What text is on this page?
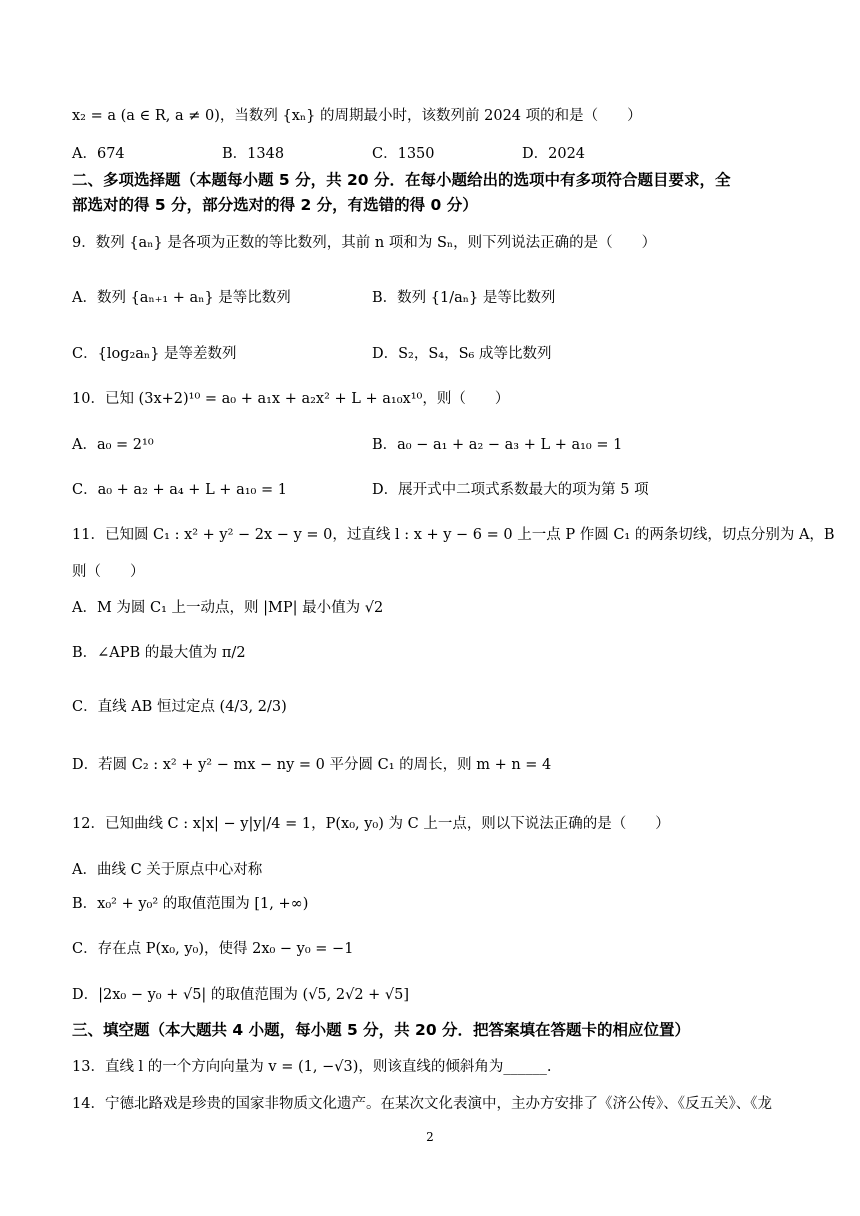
x₂ = a (a ∈ R, a ≠ 0)，当数列 {xₙ} 的周期最小时，该数列前 2024 项的和是（　　）
A．674	B．1348	C．1350	D．2024
二、多项选择题（本题每小题 5 分，共 20 分．在每小题给出的选项中有多项符合题目要求，全
部选对的得 5 分，部分选对的得 2 分，有选错的得 0 分）
9．数列 {aₙ} 是各项为正数的等比数列，其前 n 项和为 Sₙ，则下列说法正确的是（　　）
A．数列 {aₙ₊₁ + aₙ} 是等比数列	B．数列 {1/aₙ} 是等比数列
C．{log₂aₙ} 是等差数列	D．S₂，S₄，S₆ 成等比数列
10．已知 (3x+2)¹⁰ = a₀ + a₁x + a₂x² + L + a₁₀x¹⁰，则（　　）
A．a₀ = 2¹⁰	B．a₀ − a₁ + a₂ − a₃ + L + a₁₀ = 1
C．a₀ + a₂ + a₄ + L + a₁₀ = 1	D．展开式中二项式系数最大的项为第 5 项
11．已知圆 C₁ : x² + y² − 2x − y = 0，过直线 l : x + y − 6 = 0 上一点 P 作圆 C₁ 的两条切线，切点分别为 A，B
则（　　）
A．M 为圆 C₁ 上一动点，则 |MP| 最小值为 √2
B．∠APB 的最大值为 π/2
C．直线 AB 恒过定点 (4/3, 2/3)
D．若圆 C₂ : x² + y² − mx − ny = 0 平分圆 C₁ 的周长，则 m + n = 4
12．已知曲线 C : x|x| − y|y|/4 = 1，P(x₀, y₀) 为 C 上一点，则以下说法正确的是（　　）
A．曲线 C 关于原点中心对称
B．x₀² + y₀² 的取值范围为 [1, +∞)
C．存在点 P(x₀, y₀)，使得 2x₀ − y₀ = −1
D．|2x₀ − y₀ + √5| 的取值范围为 (√5, 2√2 + √5]
三、填空题（本大题共 4 小题，每小题 5 分，共 20 分．把答案填在答题卡的相应位置）
13．直线 l 的一个方向向量为 v = (1, −√3)，则该直线的倾斜角为______.
14．宁德北路戏是珍贵的国家非物质文化遗产。在某次文化表演中，主办方安排了《济公传》、《反五关》、《龙
2
